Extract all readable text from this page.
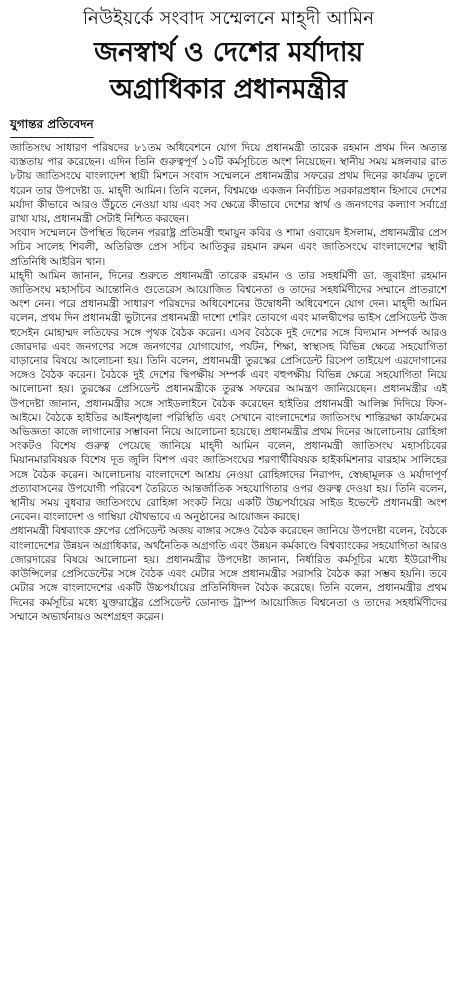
নিউইয়র্কে সংবাদ সম্মেলনে মাহ্‌দী আমিন
জনস্বার্থ ও দেশের মর্যাদায়
অগ্রাধিকার প্রধানমন্ত্রীর
যুগান্তর প্রতিবেদন

জাতিসংঘ সাধারণ পরিষদের ৮১তম অধিবেশনে যোগ দিয়ে প্রধানমন্ত্রী তারেক রহমান প্রথম দিন অত্যন্ত ব্যস্ততায় পার করেছেন। এদিন তিনি গুরুত্বপূর্ণ ১০টি কর্মসূচিতে অংশ নিয়েছেন। স্থানীয় সময় মঙ্গলবার রাত ৮টায় জাতিসংঘে বাংলাদেশ স্থায়ী মিশনে সংবাদ সম্মেলনে প্রধানমন্ত্রীর সফরের প্রথম দিনের কার্যক্রম তুলে ধরেন তার উপদেষ্টা ড. মাহ্‌দী আমিন। তিনি বলেন, বিশ্বমঞ্চে একজন নির্বাচিত সরকারপ্রধান হিসাবে দেশের মর্যাদা কীভাবে আরও উঁচুতে নেওয়া যায় এবং সব ক্ষেত্রে কীভাবে দেশের স্বার্থ ও জনগণের কল্যাণ সর্বাগ্রে রাখা যায়, প্রধানমন্ত্রী সেটাই নিশ্চিত করছেন।

সংবাদ সম্মেলনে উপস্থিত ছিলেন পররাষ্ট্র প্রতিমন্ত্রী হুমায়ুন কবির ও শামা ওবায়েদ ইসলাম, প্রধানমন্ত্রীর প্রেস সচিব সালেহ শিবলী, অতিরিক্ত প্রেস সচিব আতিকুর রহমান রুমন এবং জাতিসংঘে বাংলাদেশের স্থায়ী প্রতিনিধি আইরিন খান।

মাহ্‌দী আমিন জানান, দিনের শুরুতে প্রধানমন্ত্রী তারেক রহমান ও তার সহধর্মিণী ডা. জুবাইদা রহমান জাতিসংঘ মহাসচিব আন্তোনিও গুতেরেস আয়োজিত বিশ্বনেতা ও তাদের সহধর্মিণীদের সম্মানে প্রাতরাশে অংশ নেন। পরে প্রধানমন্ত্রী সাধারণ পরিষদের অধিবেশনের উদ্বোধনী অধিবেশনে যোগ দেন। মাহ্‌দী আমিন বলেন, প্রথম দিন প্রধানমন্ত্রী ভুটানের প্রধানমন্ত্রী দাশো শেরিং তোবগে এবং মালদ্বীপের ভাইস প্রেসিডেন্ট উজ হুসেইন মোহাম্মদ লতিফের সঙ্গে পৃথক বৈঠক করেন। এসব বৈঠকে দুই দেশের সঙ্গে বিদ্যমান সম্পর্ক আরও জোরদার এবং জনগণের সঙ্গে জনগণের যোগাযোগ, পর্যটন, শিক্ষা, স্বাস্থ্যসহ বিভিন্ন ক্ষেত্রে সহযোগিতা বাড়ানোর বিষয়ে আলোচনা হয়। তিনি বলেন, প্রধানমন্ত্রী তুরস্কের প্রেসিডেন্ট রিসেপ তাইয়েপ এরদোগানের সঙ্গেও বৈঠক করেন। বৈঠকে দুই দেশের দ্বিপক্ষীয় সম্পর্ক এবং বহুপক্ষীয় বিভিন্ন ক্ষেত্রে সহযোগিতা নিয়ে আলোচনা হয়। তুরস্কের প্রেসিডেন্ট প্রধানমন্ত্রীকে তুরস্ক সফরের আমন্ত্রণ জানিয়েছেন। প্রধানমন্ত্রীর এই উপদেষ্টা জানান, প্রধানমন্ত্রীর সঙ্গে সাইডলাইনে বৈঠক করেছেন হাইতির প্রধানমন্ত্রী আলিক্স দিদিয়ে ফিস-আইমে। বৈঠকে হাইতির আইনশৃঙ্খলা পরিস্থিতি এবং সেখানে বাংলাদেশের জাতিসংঘ শান্তিরক্ষা কার্যক্রমের অভিজ্ঞতা কাজে লাগানোর সম্ভাবনা নিয়ে আলোচনা হয়েছে। প্রধানমন্ত্রীর প্রথম দিনের আলোচনায় রোহিঙ্গা সংকটও বিশেষ গুরুত্ব পেয়েছে জানিয়ে মাহ্‌দী আমিন বলেন, প্রধানমন্ত্রী জাতিসংঘ মহাসচিবের মিয়ানমারবিষয়ক বিশেষ দূত জুলি বিশপ এবং জাতিসংঘের শরণার্থীবিষয়ক হাইকমিশনার বারহাম সালিহের সঙ্গে বৈঠক করেন। আলোচনায় বাংলাদেশে আশ্রয় নেওয়া রোহিঙ্গাদের নিরাপদ, স্বেচ্ছামূলক ও মর্যাদাপূর্ণ প্রত্যাবাসনের উপযোগী পরিবেশ তৈরিতে আন্তর্জাতিক সহযোগিতার ওপর গুরুত্ব দেওয়া হয়। তিনি বলেন, স্থানীয় সময় বুধবার জাতিসংঘে রোহিঙ্গা সংকট নিয়ে একটি উচ্চপর্যায়ের সাইড ইভেন্টে প্রধানমন্ত্রী অংশ নেবেন। বাংলাদেশ ও গাম্বিয়া যৌথভাবে এ অনুষ্ঠানের আয়োজন করছে।

প্রধানমন্ত্রী বিশ্বব্যাংক গ্রুপের প্রেসিডেন্ট অজয় বাঙ্গার সঙ্গেও বৈঠক করেছেন জানিয়ে উপদেষ্টা বলেন, বৈঠকে বাংলাদেশের উন্নয়ন অগ্রাধিকার, অর্থনৈতিক অগ্রগতি এবং উন্নয়ন কর্মকাণ্ডে বিশ্বব্যাংকের সহযোগিতা আরও জোরদারের বিষয়ে আলোচনা হয়। প্রধানমন্ত্রীর উপদেষ্টা জানান, নির্ধারিত কর্মসূচির মধ্যে ইউরোপীয় কাউন্সিলের প্রেসিডেন্টের সঙ্গে বৈঠক এবং মেটার সঙ্গে প্রধানমন্ত্রীর সরাসরি বৈঠক করা সম্ভব হয়নি। তবে মেটার সঙ্গে বাংলাদেশের একটি উচ্চপর্যায়ের প্রতিনিধিদল বৈঠক করেছে। তিনি বলেন, প্রধানমন্ত্রীর প্রথম দিনের কর্মসূচির মধ্যে যুক্তরাষ্ট্রের প্রেসিডেন্ট ডোনাল্ড ট্রাম্প আয়োজিত বিশ্বনেতা ও তাদের সহধর্মিণীদের সম্মানে অভ্যর্থনায়ও অংশগ্রহণ করেন।
